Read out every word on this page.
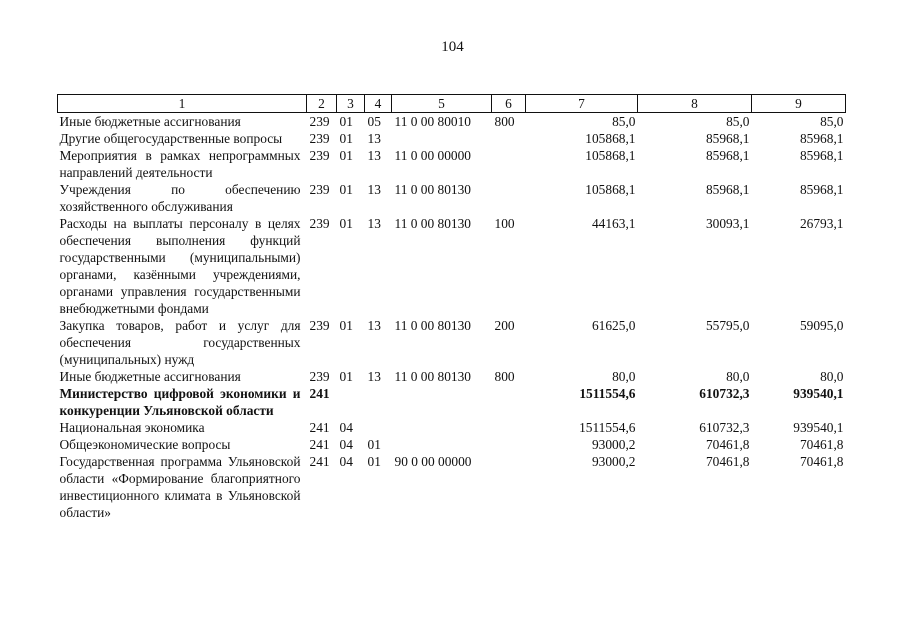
104
1	2	3	4	5	6	7	8	9
Иные бюджетные ассигнования	239	01	05	11 0 00 80010	800	85,0	85,0	85,0
Другие общегосударственные вопросы	239	01	13			105868,1	85968,1	85968,1
Мероприятия в рамках непрограммных направлений деятельности	239	01	13	11 0 00 00000		105868,1	85968,1	85968,1
Учреждения по обеспечению хозяйственного обслуживания	239	01	13	11 0 00 80130		105868,1	85968,1	85968,1
Расходы на выплаты персоналу в целях обеспечения выполнения функций государственными (муниципальными) органами, казёнными учреждениями, органами управления государственными внебюджетными фондами	239	01	13	11 0 00 80130	100	44163,1	30093,1	26793,1
Закупка товаров, работ и услуг для обеспечения государственных (муниципальных) нужд	239	01	13	11 0 00 80130	200	61625,0	55795,0	59095,0
Иные бюджетные ассигнования	239	01	13	11 0 00 80130	800	80,0	80,0	80,0
Министерство цифровой экономики и конкуренции Ульяновской области	241					1511554,6	610732,3	939540,1
Национальная экономика	241	04				1511554,6	610732,3	939540,1
Общеэкономические вопросы	241	04	01			93000,2	70461,8	70461,8
Государственная программа Ульяновской области «Формирование благоприятного инвестиционного климата в Ульяновской области»	241	04	01	90 0 00 00000		93000,2	70461,8	70461,8
